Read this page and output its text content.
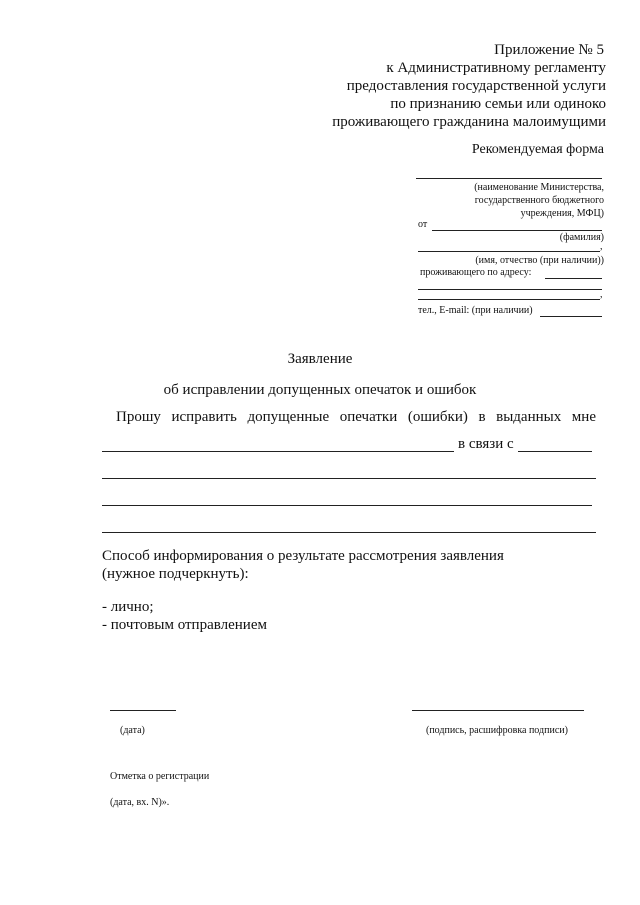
Приложение № 5
к Административному регламенту
предоставления государственной услуги
по признанию семьи или одиноко
проживающего гражданина малоимущими
Рекомендуемая форма
(наименование Министерства,
государственного бюджетного
учреждения, МФЦ)
от
(фамилия)
,
(имя, отчество (при наличии))
проживающего по адресу:
,
тел., E-mail: (при наличии)
Заявление
об исправлении допущенных опечаток и ошибок
Прошу исправить допущенные опечатки (ошибки) в выданных мне
в связи с
Способ информирования о результате рассмотрения заявления
(нужное подчеркнуть):
- лично;
- почтовым отправлением
(дата)	(подпись, расшифровка подписи)
Отметка о регистрации
(дата, вх. N)».
